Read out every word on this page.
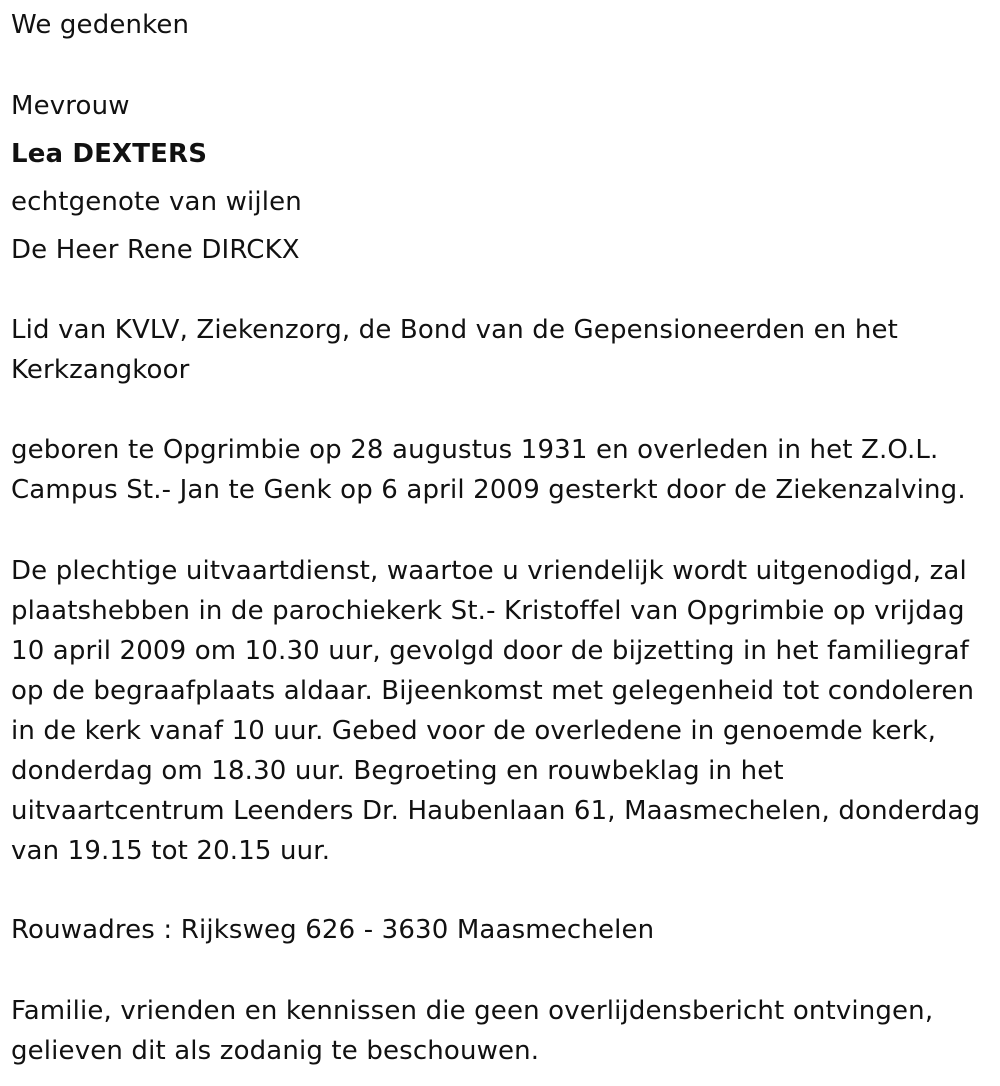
We gedenken
Mevrouw
Lea DEXTERS
echtgenote van wijlen
De Heer Rene DIRCKX
Lid van KVLV, Ziekenzorg, de Bond van de Gepensioneerden en het Kerkzangkoor
geboren te Opgrimbie op 28 augustus 1931 en overleden in het Z.O.L. Campus St.- Jan te Genk op 6 april 2009 gesterkt door de Ziekenzalving.
De plechtige uitvaartdienst, waartoe u vriendelijk wordt uitgenodigd, zal plaatshebben in de parochiekerk St.- Kristoffel van Opgrimbie op vrijdag 10 april 2009 om 10.30 uur, gevolgd door de bijzetting in het familiegraf op de begraafplaats aldaar. Bijeenkomst met gelegenheid tot condoleren in de kerk vanaf 10 uur. Gebed voor de overledene in genoemde kerk, donderdag om 18.30 uur. Begroeting en rouwbeklag in het uitvaartcentrum Leenders Dr. Haubenlaan 61, Maasmechelen, donderdag van 19.15 tot 20.15 uur.
Rouwadres : Rijksweg 626 - 3630 Maasmechelen
Familie, vrienden en kennissen die geen overlijdensbericht ontvingen, gelieven dit als zodanig te beschouwen.
